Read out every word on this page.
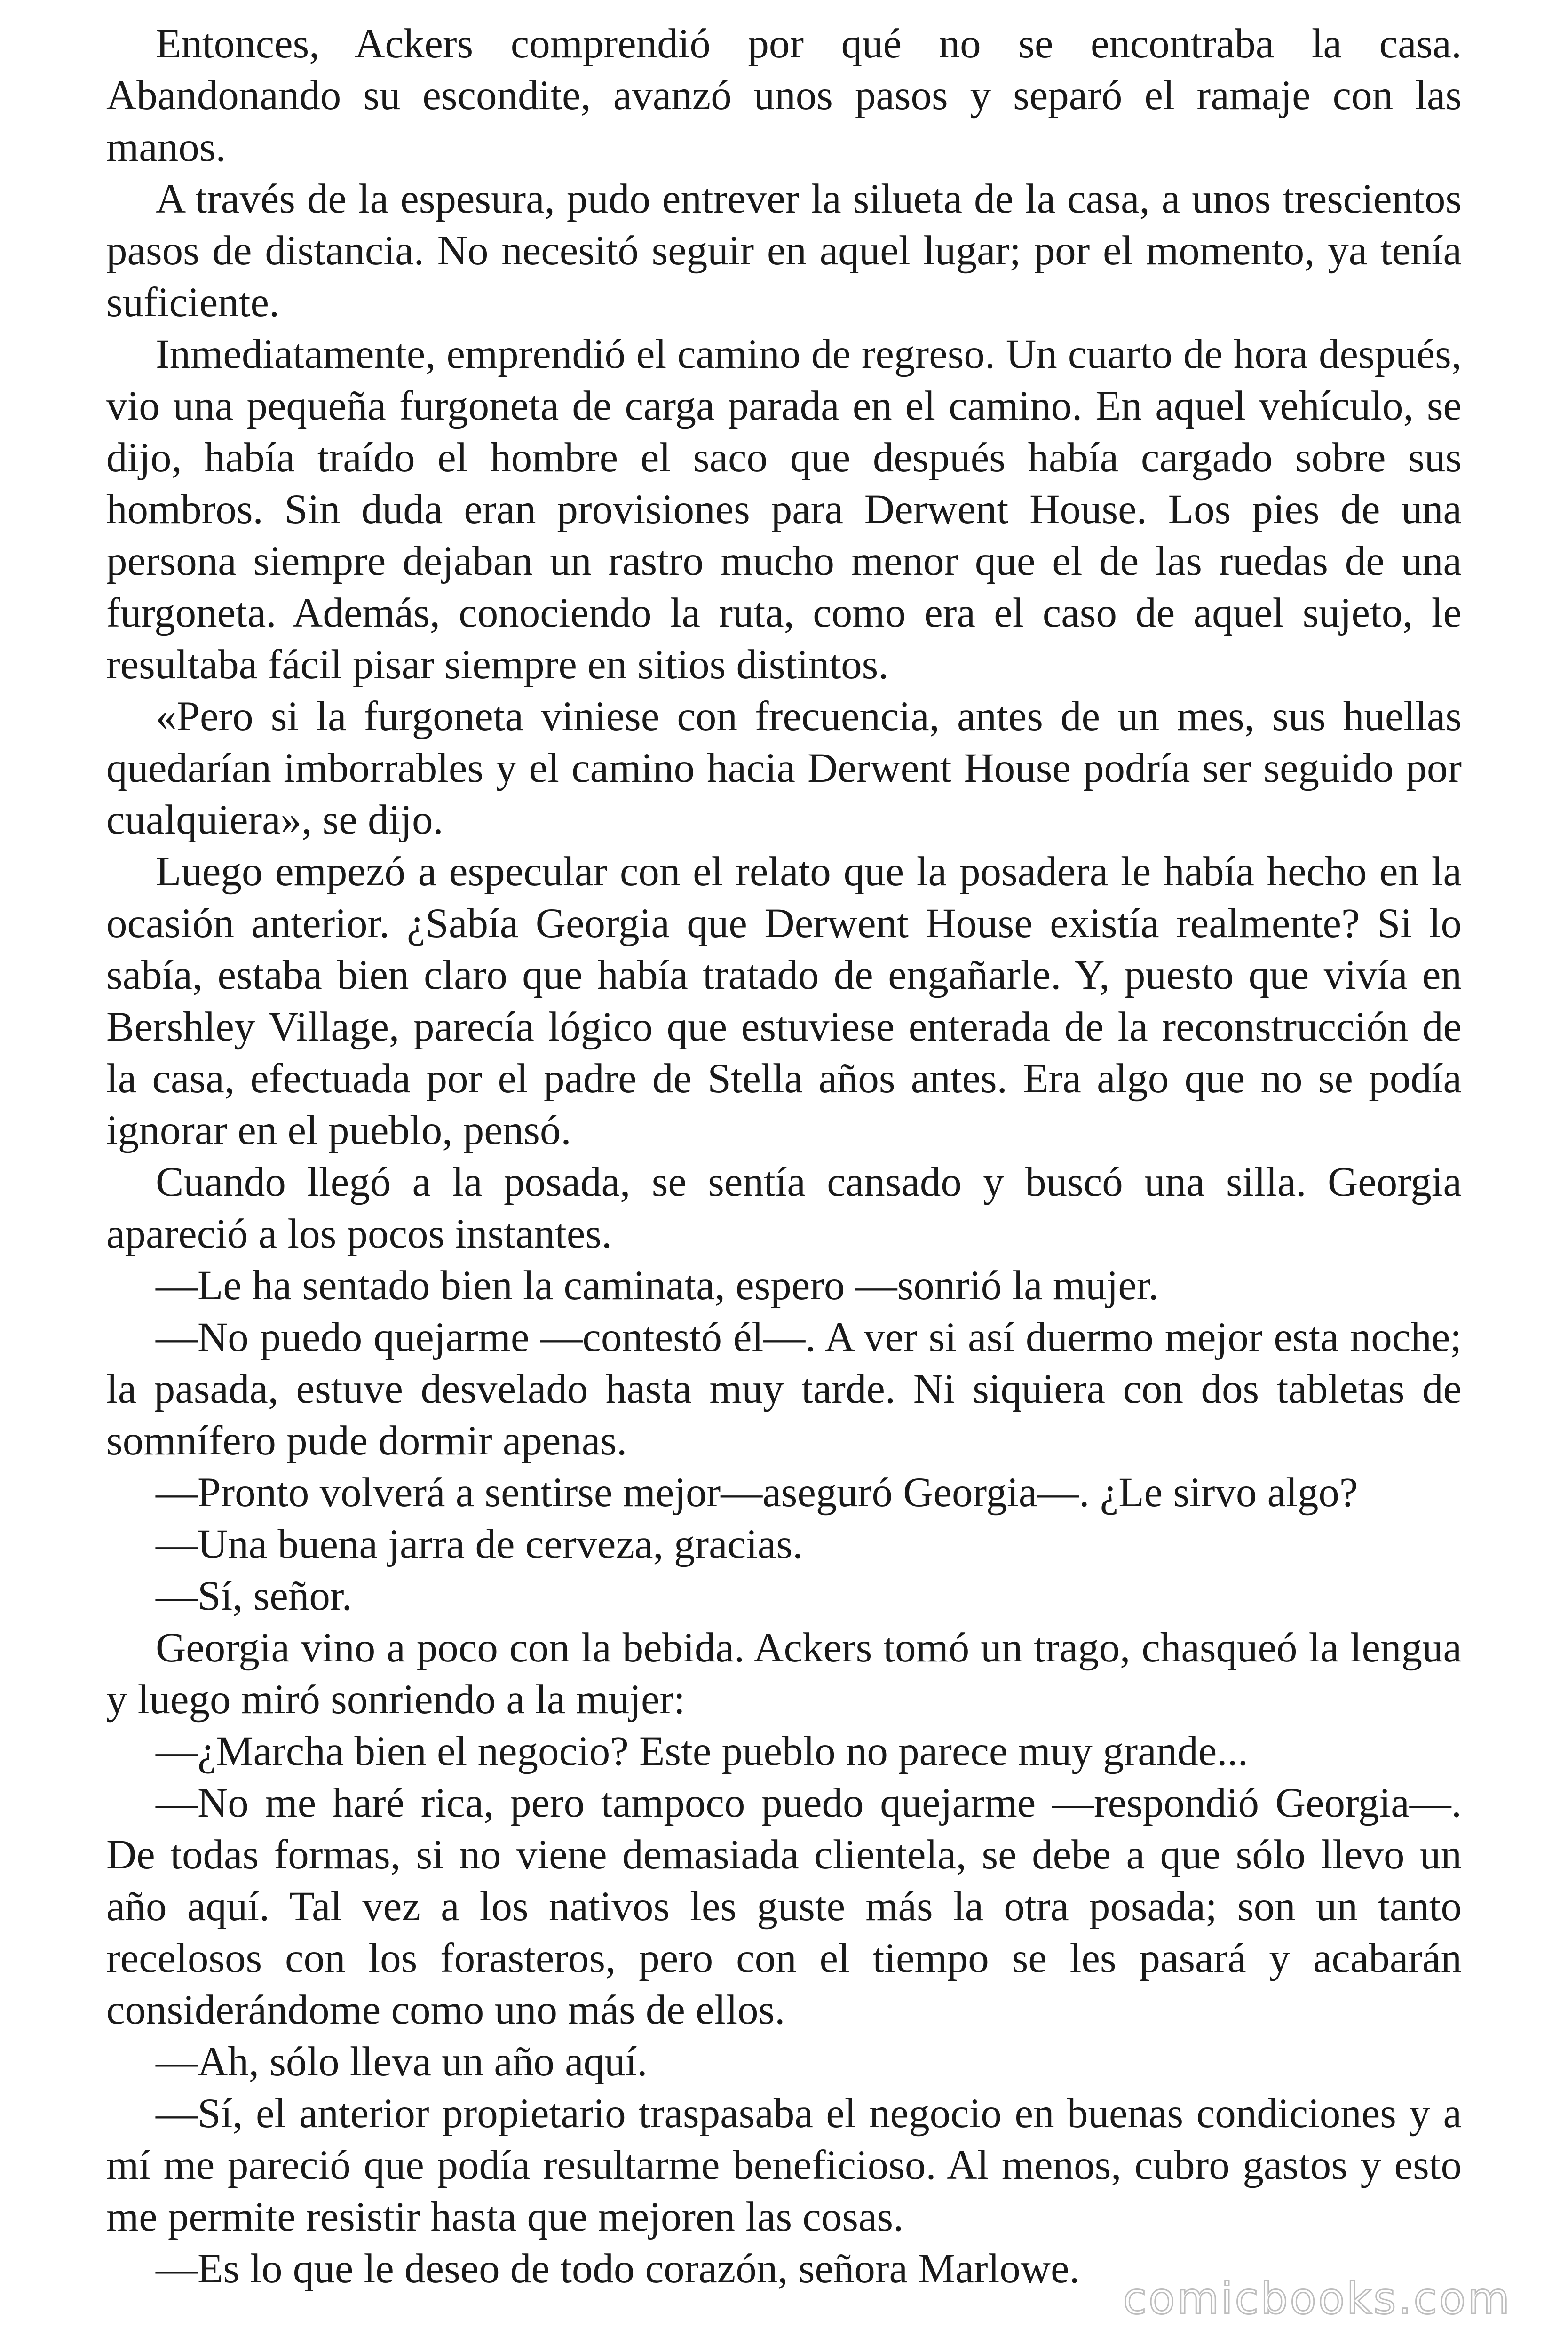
Entonces, Ackers comprendió por qué no se encontraba la casa. Abandonando su escondite, avanzó unos pasos y separó el ramaje con las manos.

A través de la espesura, pudo entrever la silueta de la casa, a unos trescientos pasos de distancia. No necesitó seguir en aquel lugar; por el momento, ya tenía suficiente.

Inmediatamente, emprendió el camino de regreso. Un cuarto de hora después, vio una pequeña furgoneta de carga parada en el camino. En aquel vehículo, se dijo, había traído el hombre el saco que después había cargado sobre sus hombros. Sin duda eran provisiones para Derwent House. Los pies de una persona siempre dejaban un rastro mucho menor que el de las ruedas de una furgoneta. Además, conociendo la ruta, como era el caso de aquel sujeto, le resultaba fácil pisar siempre en sitios distintos.

«Pero si la furgoneta viniese con frecuencia, antes de un mes, sus huellas quedarían imborrables y el camino hacia Derwent House podría ser seguido por cualquiera», se dijo.

Luego empezó a especular con el relato que la posadera le había hecho en la ocasión anterior. ¿Sabía Georgia que Derwent House existía realmente? Si lo sabía, estaba bien claro que había tratado de engañarle. Y, puesto que vivía en Bershley Village, parecía lógico que estuviese enterada de la reconstrucción de la casa, efectuada por el padre de Stella años antes. Era algo que no se podía ignorar en el pueblo, pensó.

Cuando llegó a la posada, se sentía cansado y buscó una silla. Georgia apareció a los pocos instantes.

—Le ha sentado bien la caminata, espero —sonrió la mujer.

—No puedo quejarme —contestó él—. A ver si así duermo mejor esta noche; la pasada, estuve desvelado hasta muy tarde. Ni siquiera con dos tabletas de somnífero pude dormir apenas.

—Pronto volverá a sentirse mejor—aseguró Georgia—. ¿Le sirvo algo?

—Una buena jarra de cerveza, gracias.

—Sí, señor.

Georgia vino a poco con la bebida. Ackers tomó un trago, chasqueó la lengua y luego miró sonriendo a la mujer:

—¿Marcha bien el negocio? Este pueblo no parece muy grande...

—No me haré rica, pero tampoco puedo quejarme —respondió Georgia—. De todas formas, si no viene demasiada clientela, se debe a que sólo llevo un año aquí. Tal vez a los nativos les guste más la otra posada; son un tanto recelosos con los forasteros, pero con el tiempo se les pasará y acabarán considerándome como uno más de ellos.

—Ah, sólo lleva un año aquí.

—Sí, el anterior propietario traspasaba el negocio en buenas condiciones y a mí me pareció que podía resultarme beneficioso. Al menos, cubro gastos y esto me permite resistir hasta que mejoren las cosas.

—Es lo que le deseo de todo corazón, señora Marlowe.

comicbooks.com
